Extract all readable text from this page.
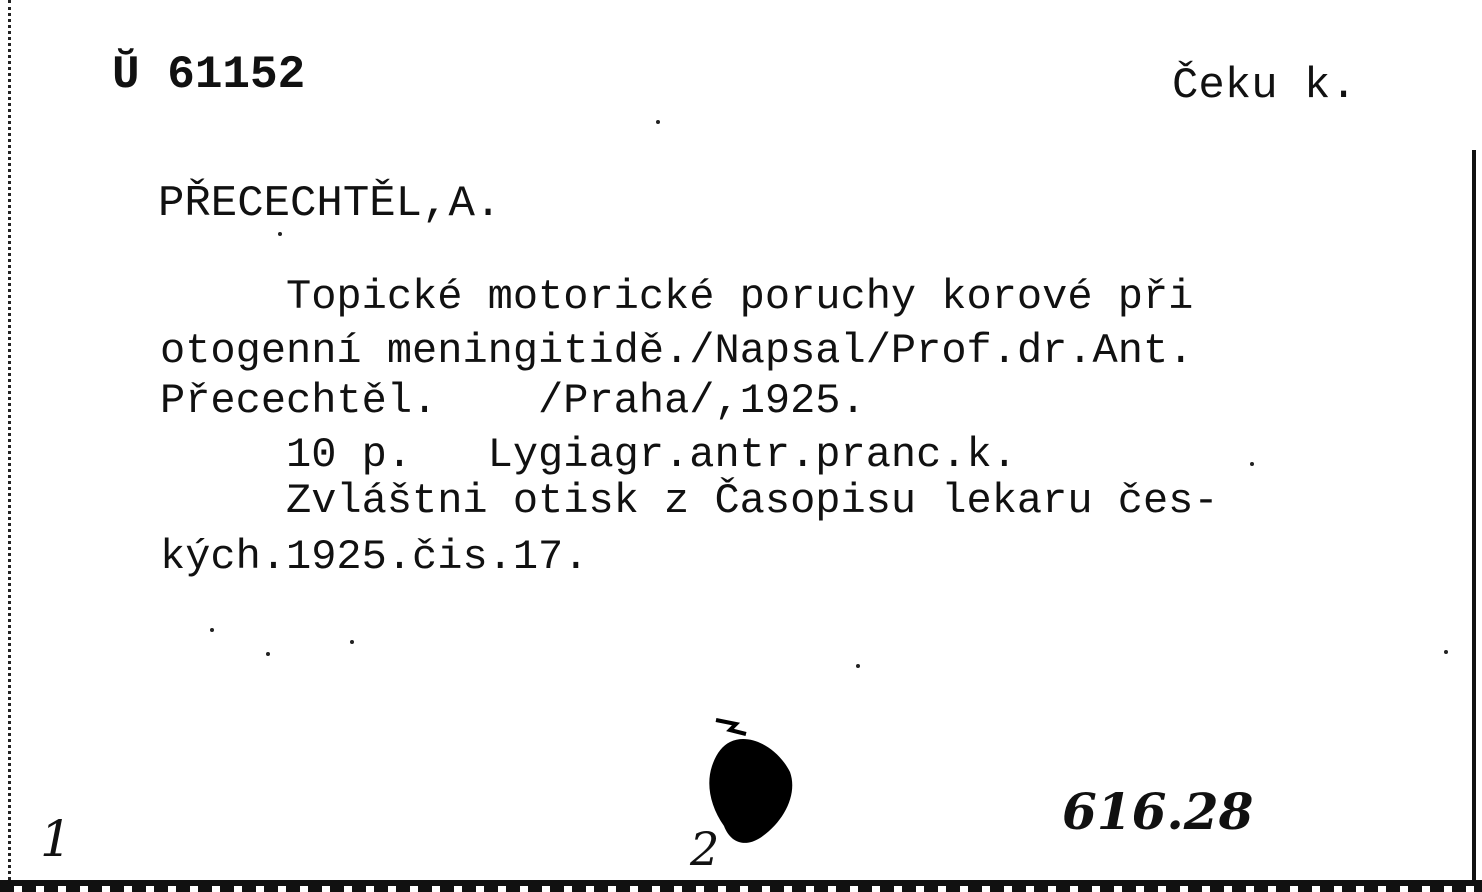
Ŭ 61152	Čeku k.
PŘECECHTĚL,A.
Topické motorické poruchy korové při
otogenní meningitidě./Napsal/Prof.dr.Ant.
Přecechtěl.    /Praha/,1925.
10 p.   Lygiagr.antr.pranc.k.
Zvláštni otisk z Časopisu lekaru čes-
kých.1925.čis.17.
1	2
616.28
